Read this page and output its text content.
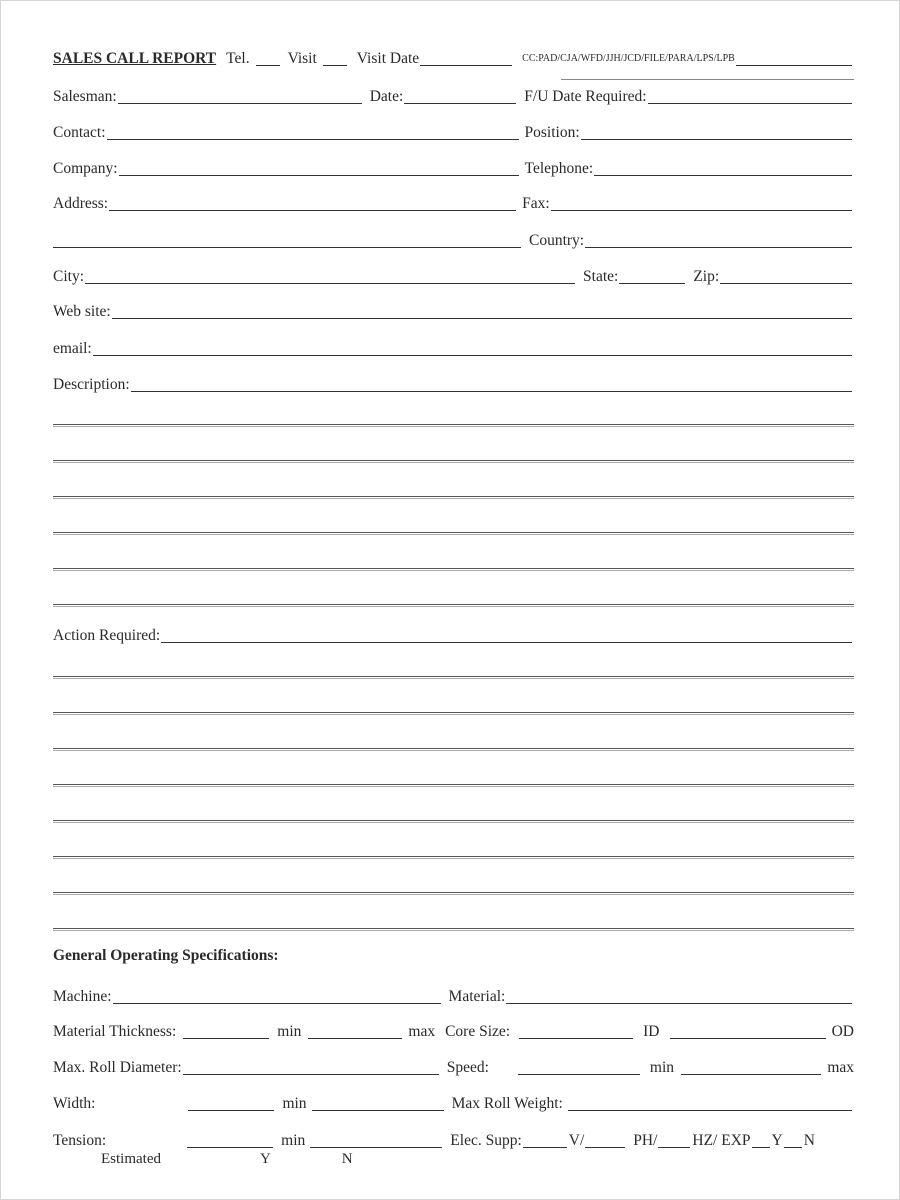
SALES CALL REPORT Tel. Visit	Visit Date	CC:PAD/CJA/WFD/JJH/JCD/FILE/PARA/LPS/LPB
Salesman:	Date:	F/U Date Required:
Contact:	Position:
Company:	Telephone:
Address:	Fax:
Country:
City:	State:	Zip:
Web site:
email:
Description:
Action Required:
General Operating Specifications:
Machine:	Material:
Material Thickness:	min	max Core Size:	ID	OD
Max. Roll Diameter:	Speed:	min	max
Width:	min	Max Roll Weight:
Tension:	min	Elec. Supp:	V/	PH/ HZ/ EXP Y N
Estimated	Y	N
